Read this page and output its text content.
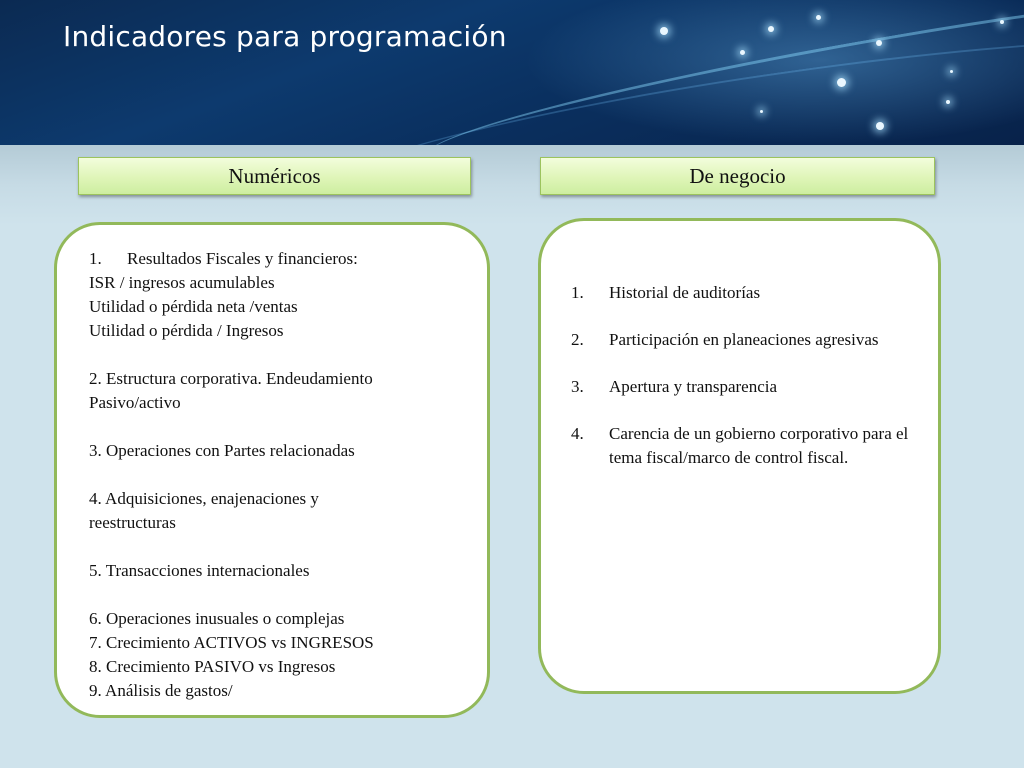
Indicadores para programación
Numéricos	De negocio
1.	Resultados Fiscales y financieros:
ISR / ingresos acumulables
Utilidad o pérdida neta /ventas
Utilidad o pérdida / Ingresos
2. Estructura corporativa. Endeudamiento
Pasivo/activo
3. Operaciones con Partes relacionadas
4. Adquisiciones, enajenaciones y
reestructuras
5. Transacciones internacionales
6. Operaciones inusuales o complejas
7. Crecimiento ACTIVOS vs INGRESOS
8. Crecimiento PASIVO vs Ingresos
9. Análisis de gastos/
1.	Historial de auditorías
2.	Participación en planeaciones agresivas
3.	Apertura y transparencia
4.	Carencia de un gobierno corporativo para el tema fiscal/marco de control fiscal.
